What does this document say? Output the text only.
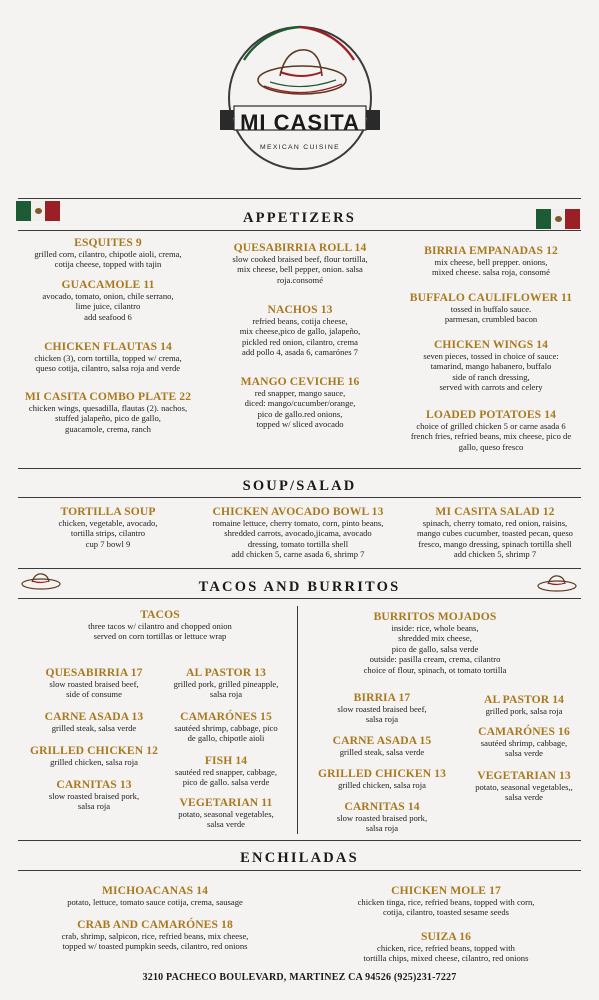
MI CASITA
MEXICAN CUISINE
APPETIZERS
ESQUITES 9
grilled corn, cilantro, chipotle aioli, crema,
cotija cheese, topped with tajin
GUACAMOLE 11
avocado, tomato, onion, chile serrano,
lime juice, cilantro
add seafood 6
CHICKEN FLAUTAS 14
chicken (3), corn tortilla, topped w/ crema,
queso cotija, cilantro, salsa roja and verde
MI CASITA COMBO PLATE 22
chicken wings, quesadilla, flautas (2). nachos,
stuffed jalapeño, pico de gallo,
guacamole, crema, ranch
QUESABIRRIA ROLL 14
slow cooked braised beef, flour tortilla,
mix cheese, bell pepper, onion. salsa
roja.consomé
NACHOS 13
refried beans, cotija cheese,
mix cheese,pico de gallo, jalapeño,
pickled red onion, cilantro, crema
add pollo 4, asada 6, camarónes 7
MANGO CEVICHE 16
red snapper, mango sauce,
diced: mango/cucumber/orange,
pico de gallo.red onions,
topped w/ sliced avocado
BIRRIA EMPANADAS 12
mix cheese, bell prepper. onions,
mixed cheese. salsa roja, consomé
BUFFALO CAULIFLOWER 11
tossed in buffalo sauce.
parmesan, crumbled bacon
CHICKEN WINGS 14
seven pieces, tossed in choice of sauce:
tamarind, mango habanero, buffalo
side of ranch dressing,
served with carrots and celery
LOADED POTATOES 14
choice of grilled chicken 5 or carne asada 6
french fries, refried beans, mix cheese, pico de
gallo, queso fresco
SOUP/SALAD
TORTILLA SOUP
chicken, vegetable, avocado,
tortilla strips, cilantro
cup 7 bowl 9
CHICKEN AVOCADO BOWL 13
romaine lettuce, cherry tomato, corn, pinto beans,
shredded carrots, avocado,jicama, avocado
dressing, tomato tortilla shell
add chicken 5, carne asada 6, shrimp 7
MI CASITA SALAD 12
spinach, cherry tomato, red onion, raisins,
mango cubes cucumber, toasted pecan, queso
fresco, mango dressing, spinach tortilla shell
add chicken 5, shrimp 7
TACOS AND BURRITOS
TACOS
three tacos w/ cilantro and chopped onion
served on corn tortillas or lettuce wrap
QUESABIRRIA 17
slow roasted braised beef,
side of consume
CARNE ASADA 13
grilled steak, salsa verde
GRILLED CHICKEN 12
grilled chicken, salsa roja
CARNITAS 13
slow roasted braised pork,
salsa roja
AL PASTOR 13
grilled pork, grilled pineapple,
salsa roja
CAMARÓNES 15
sautéed shrimp, cabbage, pico
de gallo, chipotle aioli
FISH 14
sautéed red snapper, cabbage,
pico de gallo. salsa verde
VEGETARIAN 11
potato, seasonal vegetables,
salsa verde
BURRITOS MOJADOS
inside: rice, whole beans,
shredded mix cheese,
pico de gallo, salsa verde
outside: pasilla cream, crema, cilantro
choice of flour, spinach, ot tomato tortilla
BIRRIA 17
slow roasted braised beef,
salsa roja
CARNE ASADA 15
grilled steak, salsa verde
GRILLED CHICKEN 13
grilled chicken, salsa roja
CARNITAS 14
slow roasted braised pork,
salsa roja
AL PASTOR 14
grilled pork, salsa roja
CAMARÓNES 16
sautéed shrimp, cabbage,
salsa verde
VEGETARIAN 13
potato, seasonal vegetables,,
salsa verde
ENCHILADAS
MICHOACANAS 14
potato, lettuce, tomato sauce cotija, crema, sausage
CRAB AND CAMARÓNES 18
crab, shrimp, salpicon, rice, refried beans, mix cheese,
topped w/ toasted pumpkin seeds, cilantro, red onions
CHICKEN MOLE 17
chicken tinga, rice, refried beans, topped with corn,
cotija, cilantro, toasted sesame seeds
SUIZA 16
chicken, rice, refried beans, topped with
tortilla chips, mixed cheese, cilantro, red onions
3210 PACHECO BOULEVARD, MARTINEZ CA 94526 (925)231-7227
